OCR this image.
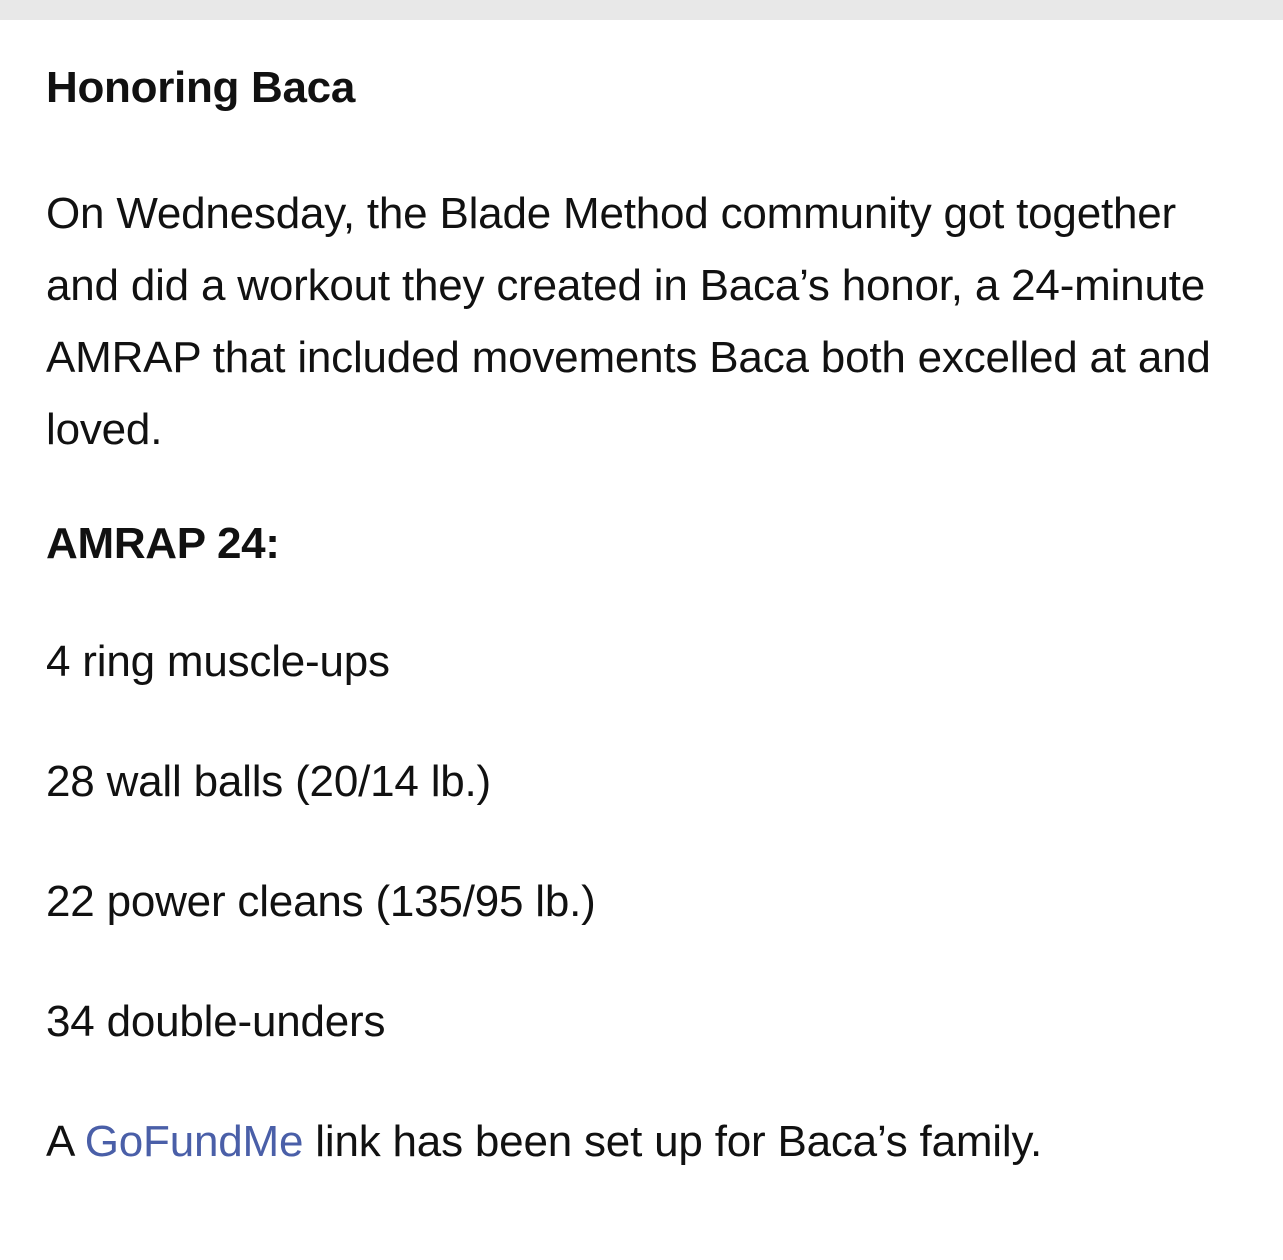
Honoring Baca

On Wednesday, the Blade Method community got together and did a workout they created in Baca’s honor, a 24-minute AMRAP that included movements Baca both excelled at and loved.

AMRAP 24:
4 ring muscle-ups
28 wall balls (20/14 lb.)
22 power cleans (135/95 lb.)
34 double-unders

A GoFundMe link has been set up for Baca’s family.
